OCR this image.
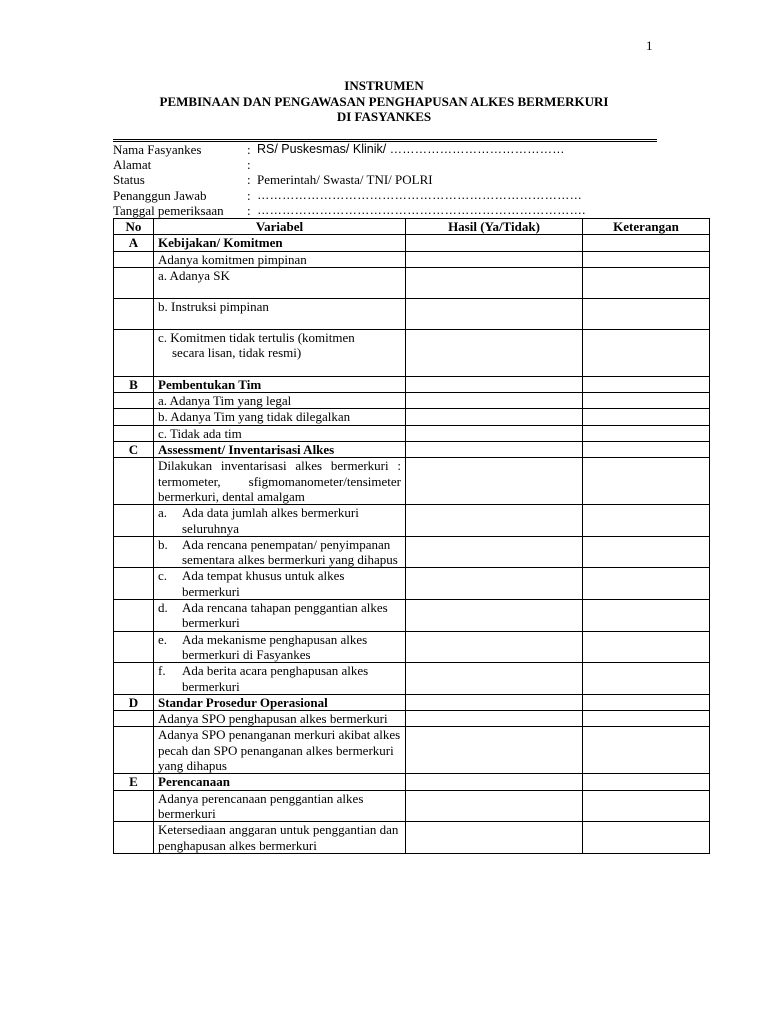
1
INSTRUMEN
PEMBINAAN DAN PENGAWASAN PENGHAPUSAN ALKES BERMERKURI
DI FASYANKES
Nama Fasyankes	: RS/ Puskesmas/ Klinik/ ……………………………………
Alamat	:
Status	: Pemerintah/ Swasta/ TNI/ POLRI
Penanggun Jawab	: ……………………………………………………………………
Tanggal pemeriksaan	: …………………………………………………………………….
No	Variabel	Hasil (Ya/Tidak)	Keterangan
A	Kebijakan/ Komitmen		
	Adanya komitmen pimpinan		
	a. Adanya SK		
	b. Instruksi pimpinan		

	c. Komitmen tidak tertulis (komitmen
secara lisan, tidak resmi)		

B	Pembentukan Tim		
	a. Adanya Tim yang legal		
	b. Adanya Tim yang tidak dilegalkan		
	c. Tidak ada tim		
C	Assessment/ Inventarisasi Alkes		
	Dilakukan inventarisasi alkes bermerkuri : termometer, sfigmomanometer/tensimeter bermerkuri, dental amalgam		

	a. Ada data jumlah alkes bermerkuri seluruhnya		

	b. Ada rencana penempatan/ penyimpanan sementara alkes bermerkuri yang dihapus		

	c. Ada tempat khusus untuk alkes bermerkuri		

	d. Ada rencana tahapan penggantian alkes bermerkuri		

	e. Ada mekanisme penghapusan alkes bermerkuri di Fasyankes		

	f. Ada berita acara penghapusan alkes bermerkuri		

D	Standar Prosedur Operasional		
	Adanya SPO penghapusan alkes bermerkuri		
	Adanya SPO penanganan merkuri akibat alkes pecah dan SPO penanganan alkes bermerkuri yang dihapus		
E	Perencanaan		
	Adanya perencanaan penggantian alkes bermerkuri		
	Ketersediaan anggaran untuk penggantian dan penghapusan alkes bermerkuri		
